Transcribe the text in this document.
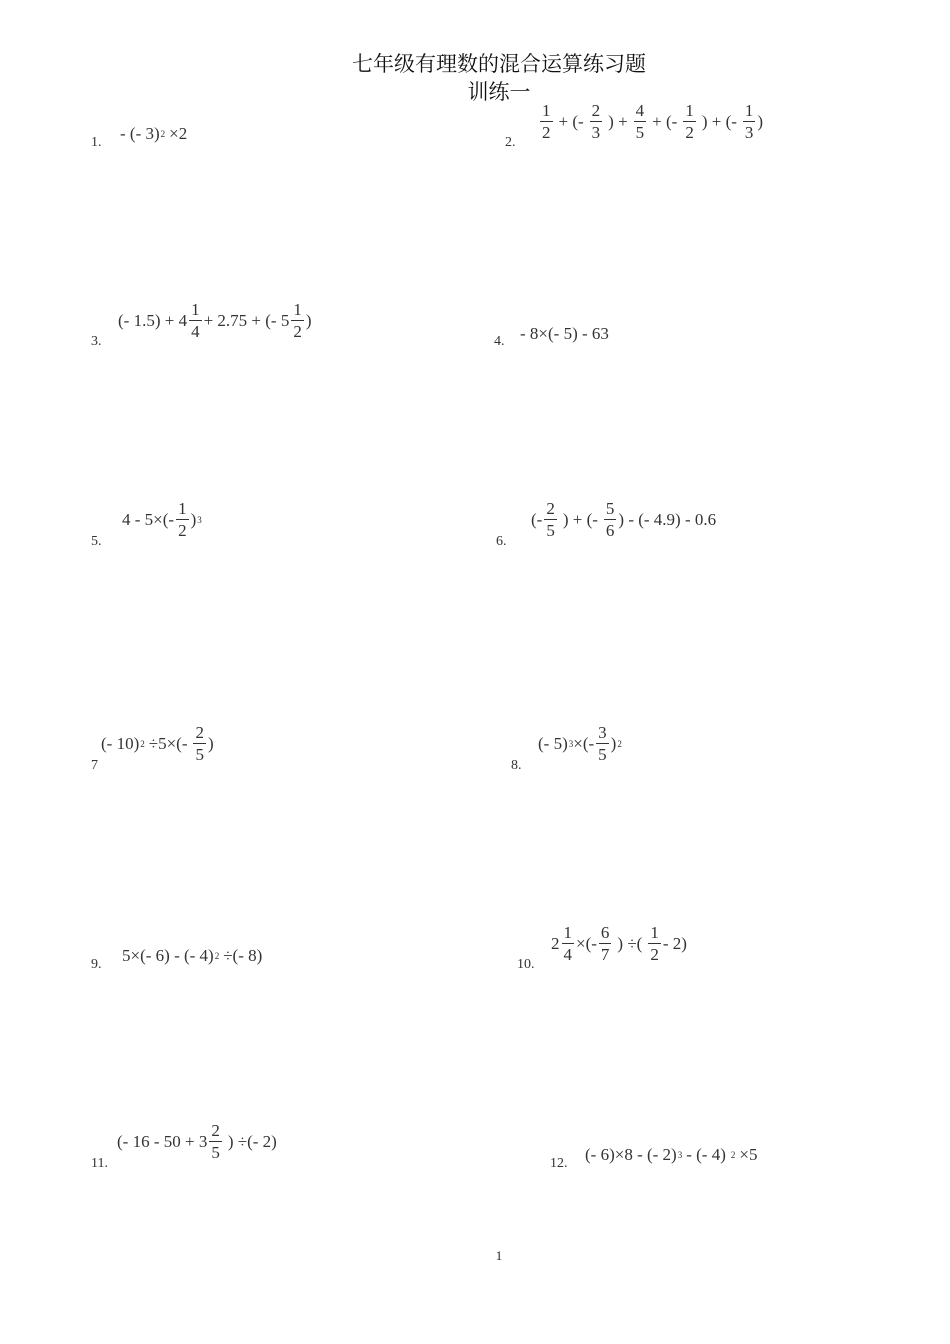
七年级有理数的混合运算练习题
训练一
1. - (- 3) 2 ×2	2.
$\frac{1}{2}$ + (- $\frac{2}{3}$ ) + $\frac{4}{5}$ + (- $\frac{1}{2}$ ) + (- $\frac{1}{3}$ )
3.
(- $1.5) + 4 \frac{1}{4} + 2.75$ + (- $5 \frac{1}{2}$ )
4. - 8×(- 5) - 63
5.
$4 - 5\times(- \frac{1}{2}$ ) 3
6.
(- $\frac{2}{5}$ ) + (- $\frac{5}{6}$ ) - (- 4.9) - 0.6
7
(- 10) $2 \div 5\times(- \frac{2}{5}$ )
8.
(- 5) 3 ×(- $\frac{3}{5}$ ) 2
9. 5×(- 6) - (- 4) 2 ÷(- 8)	10.
$2 \frac{1}{4}$ ×(- $\frac{6}{7}$ ) ÷( $\frac{1}{2} - 2$)
11.
(- $16 - 50 + 3 \frac{2}{5}$ ) ÷(- 2)
12. (- 6)×8 - (- 2) 3 - (- 4) 2 ×5
1
